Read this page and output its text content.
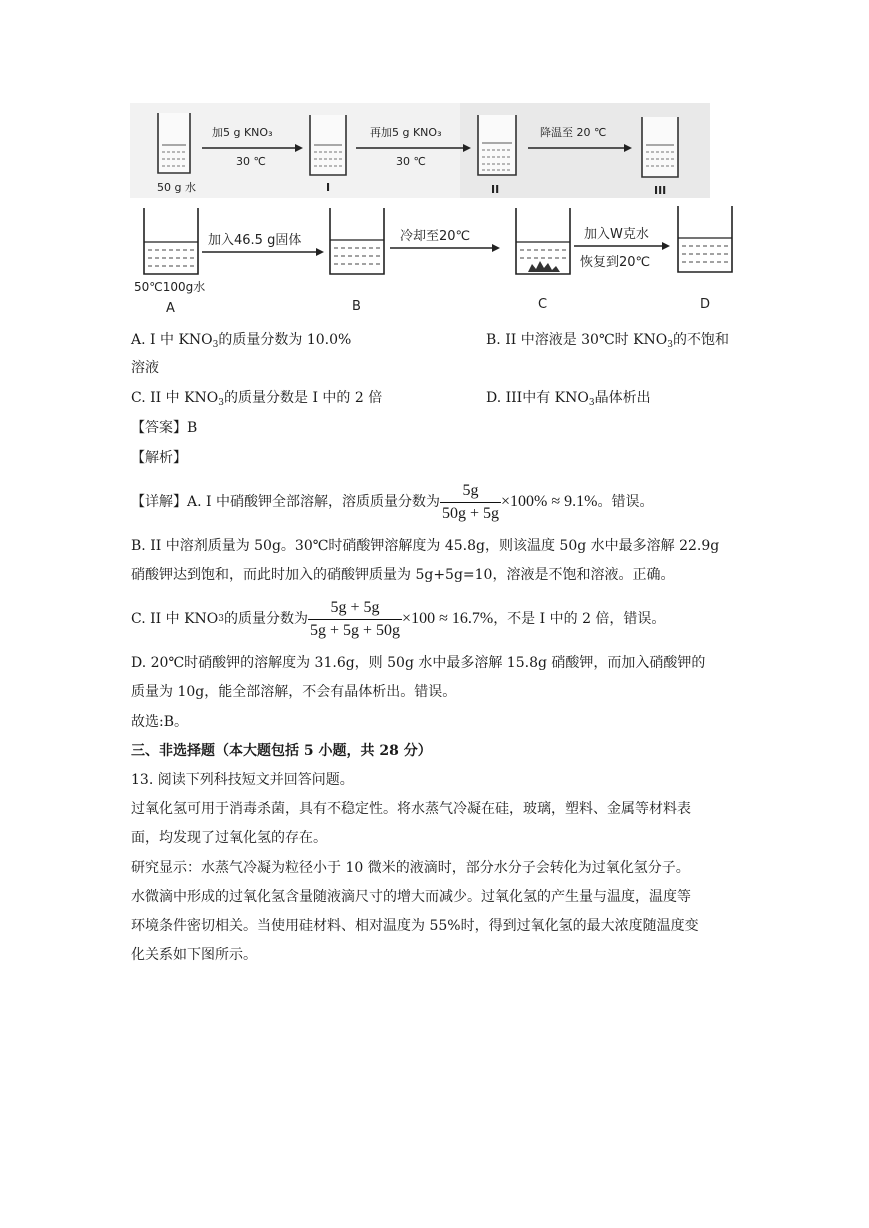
50 g 水
加5 g KNO₃
30 ℃
I
再加5 g KNO₃
30 ℃
II
降温至 20 ℃
III
50℃100g水
A
加入46.5 g固体
B
冷却至20℃
C
加入W克水
恢复到20℃
D
A. I 中 $KNO_3$的质量分数为 10.0%	B. II 中溶液是 30℃时 $KNO_3$的不饱和
溶液
C. II 中 $KNO_3$的质量分数是 I 中的 2 倍	D. III中有 $KNO_3$晶体析出
【答案】B
【解析】
【详解】A. I 中硝酸钾全部溶解，溶质质量分数为 $\frac{5g}{50g + 5g} \times 100\% \approx 9.1\%$ 。错误。
B. II 中溶剂质量为 50g。30℃时硝酸钾溶解度为 45.8g，则该温度 50g 水中最多溶解 22.9g
硝酸钾达到饱和，而此时加入的硝酸钾质量为 5g+5g=10，溶液是不饱和溶液。正确。
C. II 中 KNO 3 的质量分数为 $\frac{5g + 5g}{5g + 5g + 50g} \times 100 \approx 16.7\%$ ，不是 I 中的 2 倍，错误。
D. 20℃时硝酸钾的溶解度为 31.6g，则 50g 水中最多溶解 15.8g 硝酸钾，而加入硝酸钾的
质量为 10g，能全部溶解，不会有晶体析出。错误。
故选:B。
三、非选择题（本大题包括 5 小题，共 28 分）
13. 阅读下列科技短文并回答问题。
过氧化氢可用于消毒杀菌，具有不稳定性。将水蒸气冷凝在硅，玻璃，塑料、金属等材料表
面，均发现了过氧化氢的存在。
研究显示：水蒸气冷凝为粒径小于 10 微米的液滴时，部分水分子会转化为过氧化氢分子。
水微滴中形成的过氧化氢含量随液滴尺寸的增大而减少。过氧化氢的产生量与温度，温度等
环境条件密切相关。当使用硅材料、相对温度为 55%时，得到过氧化氢的最大浓度随温度变
化关系如下图所示。
